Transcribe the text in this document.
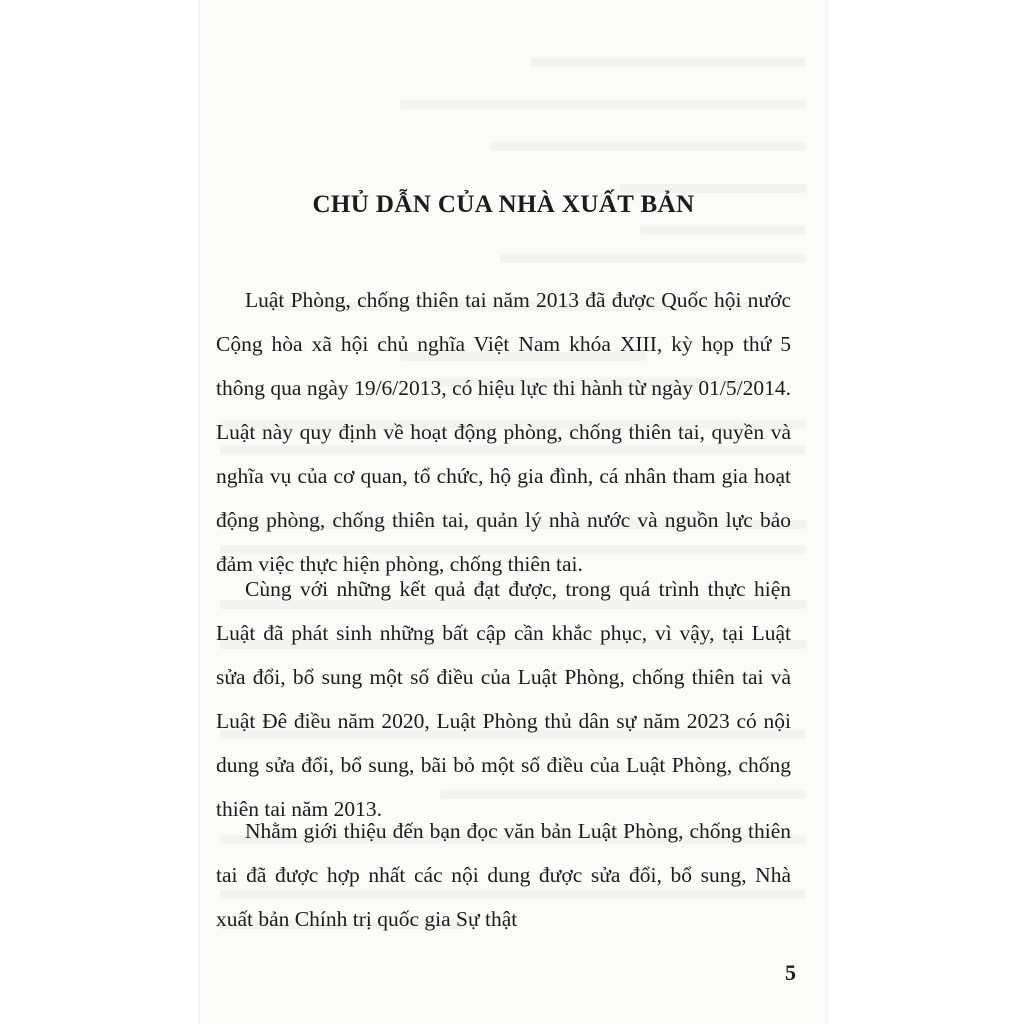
CHỦ DẪN CỦA NHÀ XUẤT BẢN

Luật Phòng, chống thiên tai năm 2013 đã được Quốc hội nước Cộng hòa xã hội chủ nghĩa Việt Nam khóa XIII, kỳ họp thứ 5 thông qua ngày 19/6/2013, có hiệu lực thi hành từ ngày 01/5/2014. Luật này quy định về hoạt động phòng, chống thiên tai, quyền và nghĩa vụ của cơ quan, tổ chức, hộ gia đình, cá nhân tham gia hoạt động phòng, chống thiên tai, quản lý nhà nước và nguồn lực bảo đảm việc thực hiện phòng, chống thiên tai.

Cùng với những kết quả đạt được, trong quá trình thực hiện Luật đã phát sinh những bất cập cần khắc phục, vì vậy, tại Luật sửa đổi, bổ sung một số điều của Luật Phòng, chống thiên tai và Luật Đê điều năm 2020, Luật Phòng thủ dân sự năm 2023 có nội dung sửa đổi, bổ sung, bãi bỏ một số điều của Luật Phòng, chống thiên tai năm 2013.

Nhằm giới thiệu đến bạn đọc văn bản Luật Phòng, chống thiên tai đã được hợp nhất các nội dung được sửa đổi, bổ sung, Nhà xuất bản Chính trị quốc gia Sự thật

5
